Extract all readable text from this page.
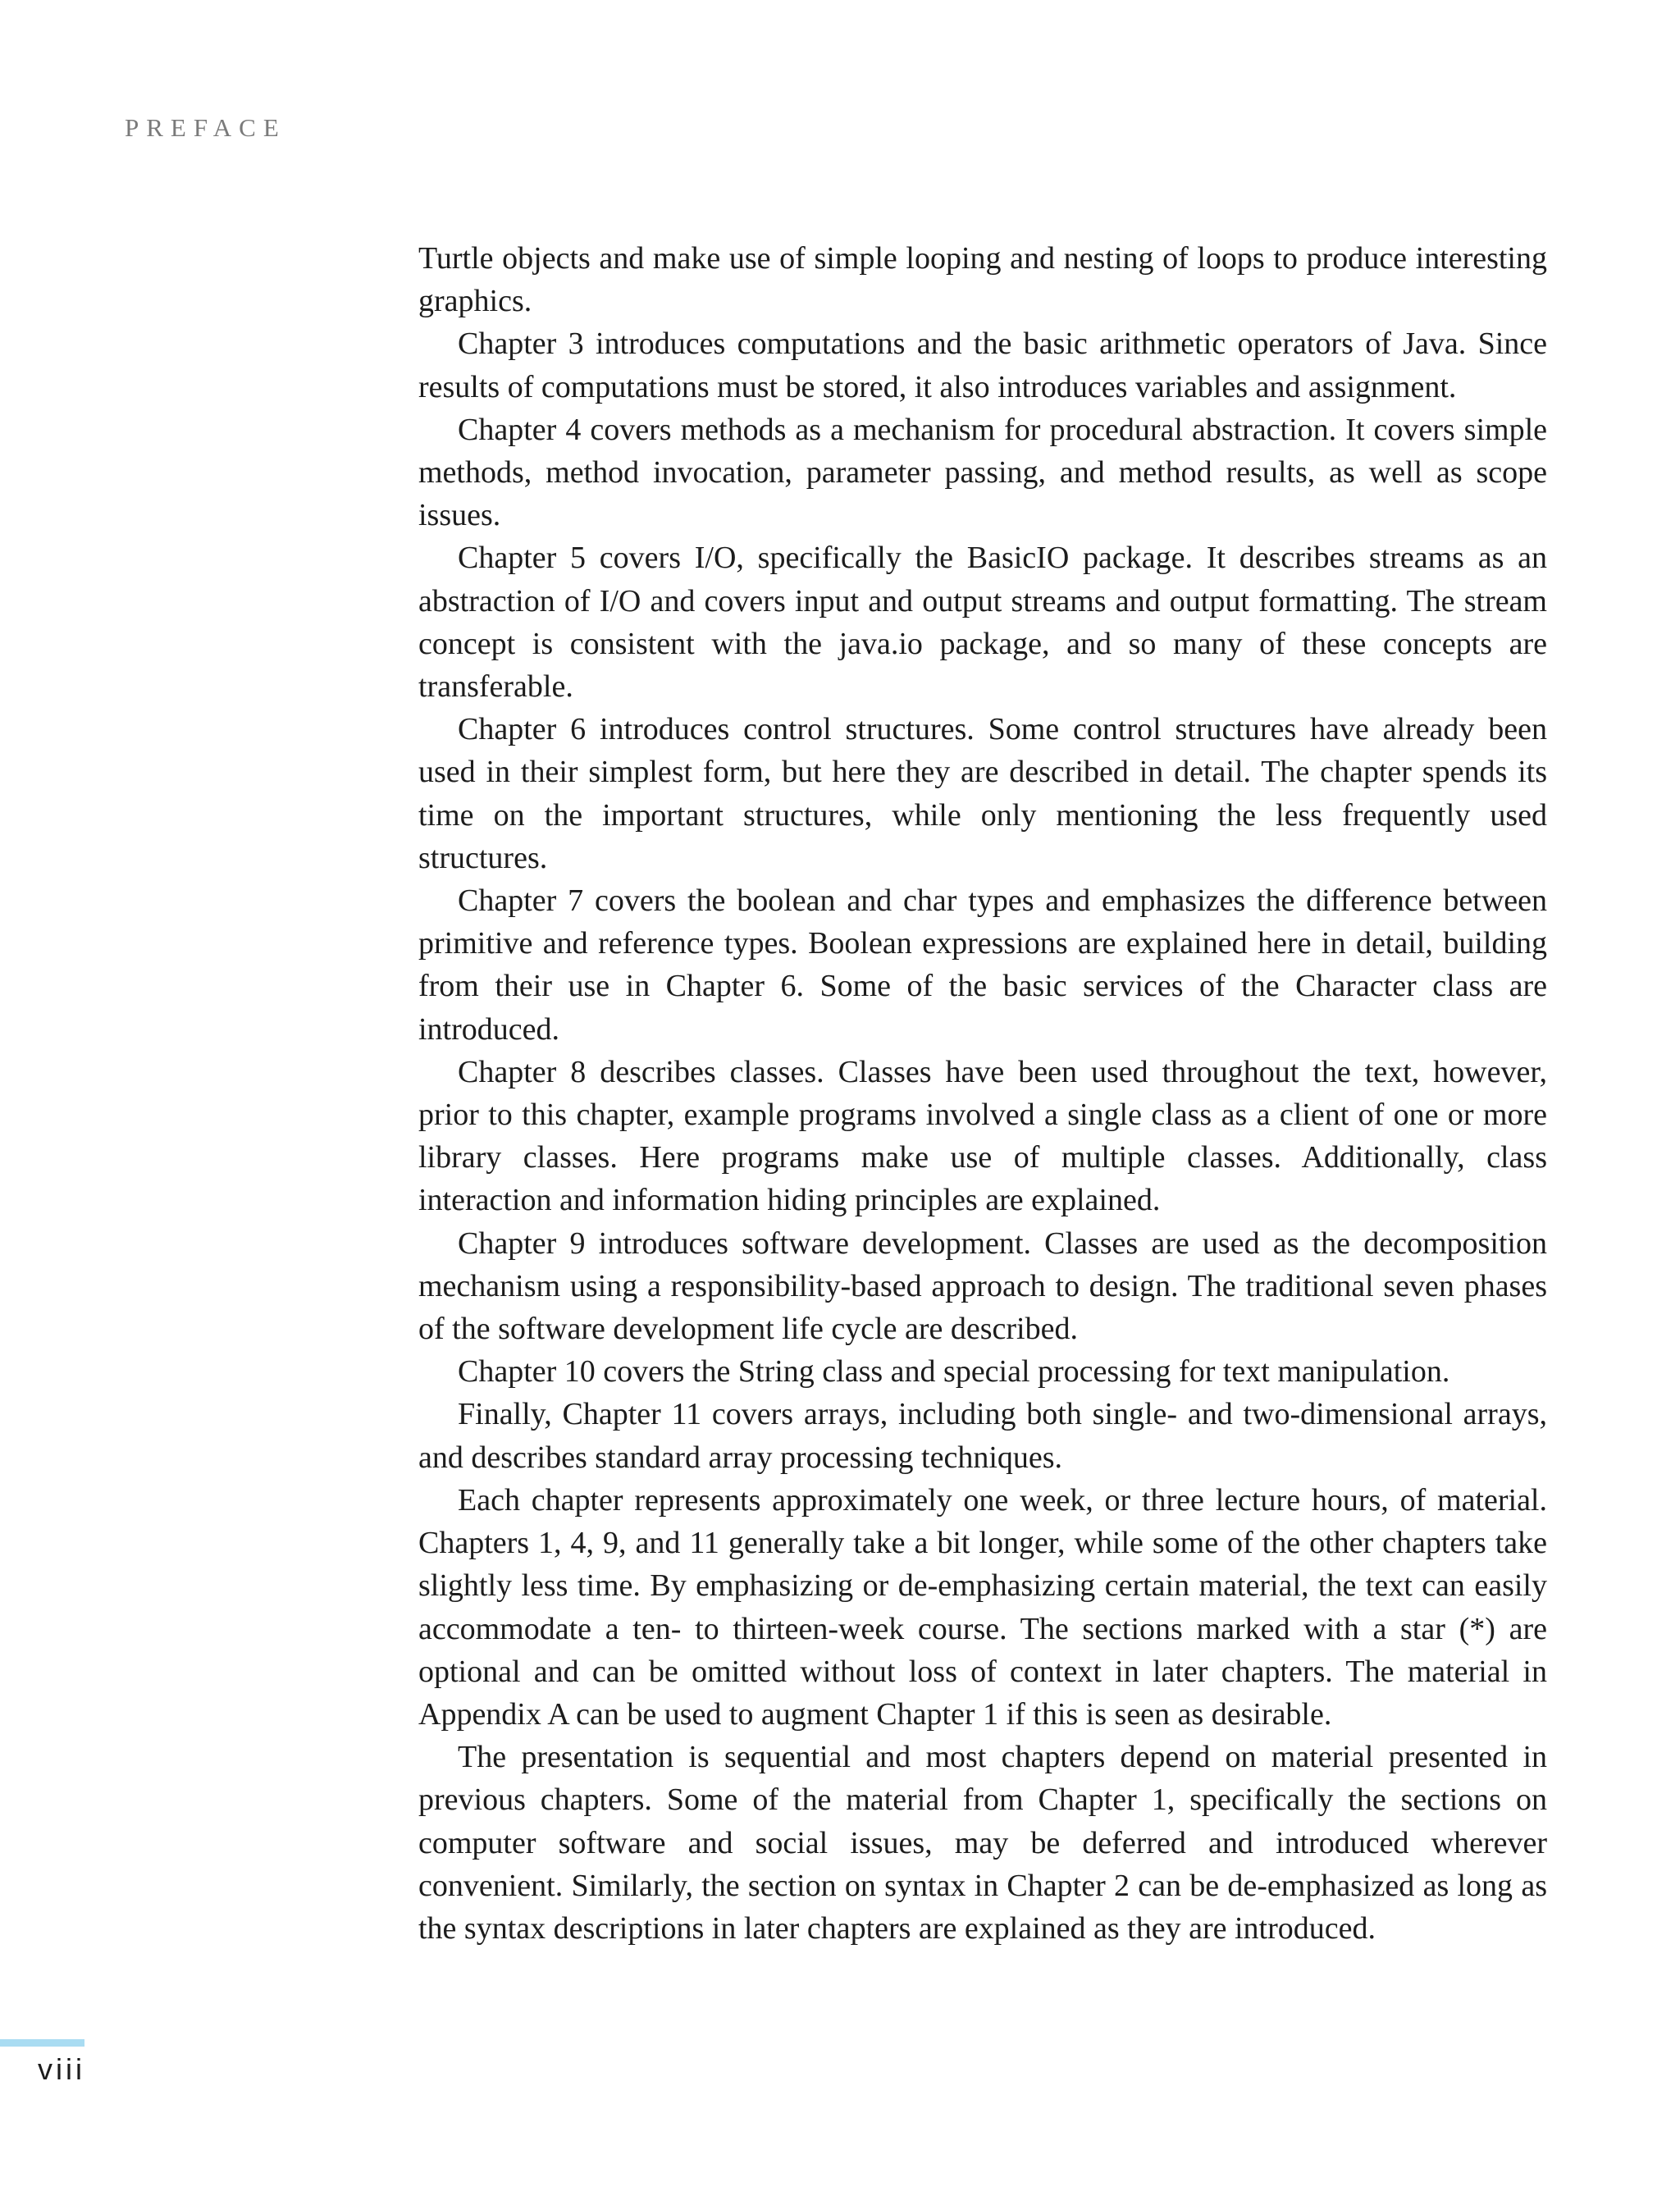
PREFACE

Turtle objects and make use of simple looping and nesting of loops to produce interesting graphics.

Chapter 3 introduces computations and the basic arithmetic operators of Java. Since results of computations must be stored, it also introduces variables and assignment.

Chapter 4 covers methods as a mechanism for procedural abstraction. It covers simple methods, method invocation, parameter passing, and method results, as well as scope issues.

Chapter 5 covers I/O, specifically the BasicIO package. It describes streams as an abstraction of I/O and covers input and output streams and output formatting. The stream concept is consistent with the java.io package, and so many of these concepts are transferable.

Chapter 6 introduces control structures. Some control structures have already been used in their simplest form, but here they are described in detail. The chapter spends its time on the important structures, while only mentioning the less frequently used structures.

Chapter 7 covers the boolean and char types and emphasizes the difference between primitive and reference types. Boolean expressions are explained here in detail, building from their use in Chapter 6. Some of the basic services of the Character class are introduced.

Chapter 8 describes classes. Classes have been used throughout the text, however, prior to this chapter, example programs involved a single class as a client of one or more library classes. Here programs make use of multiple classes. Additionally, class interaction and information hiding principles are explained.

Chapter 9 introduces software development. Classes are used as the decomposition mechanism using a responsibility-based approach to design. The traditional seven phases of the software development life cycle are described.

Chapter 10 covers the String class and special processing for text manipulation.

Finally, Chapter 11 covers arrays, including both single- and two-dimensional arrays, and describes standard array processing techniques.

Each chapter represents approximately one week, or three lecture hours, of material. Chapters 1, 4, 9, and 11 generally take a bit longer, while some of the other chapters take slightly less time. By emphasizing or de-emphasizing certain material, the text can easily accommodate a ten- to thirteen-week course. The sections marked with a star (*) are optional and can be omitted without loss of context in later chapters. The material in Appendix A can be used to augment Chapter 1 if this is seen as desirable.

The presentation is sequential and most chapters depend on material presented in previous chapters. Some of the material from Chapter 1, specifically the sections on computer software and social issues, may be deferred and introduced wherever convenient. Similarly, the section on syntax in Chapter 2 can be de-emphasized as long as the syntax descriptions in later chapters are explained as they are introduced.

viii
